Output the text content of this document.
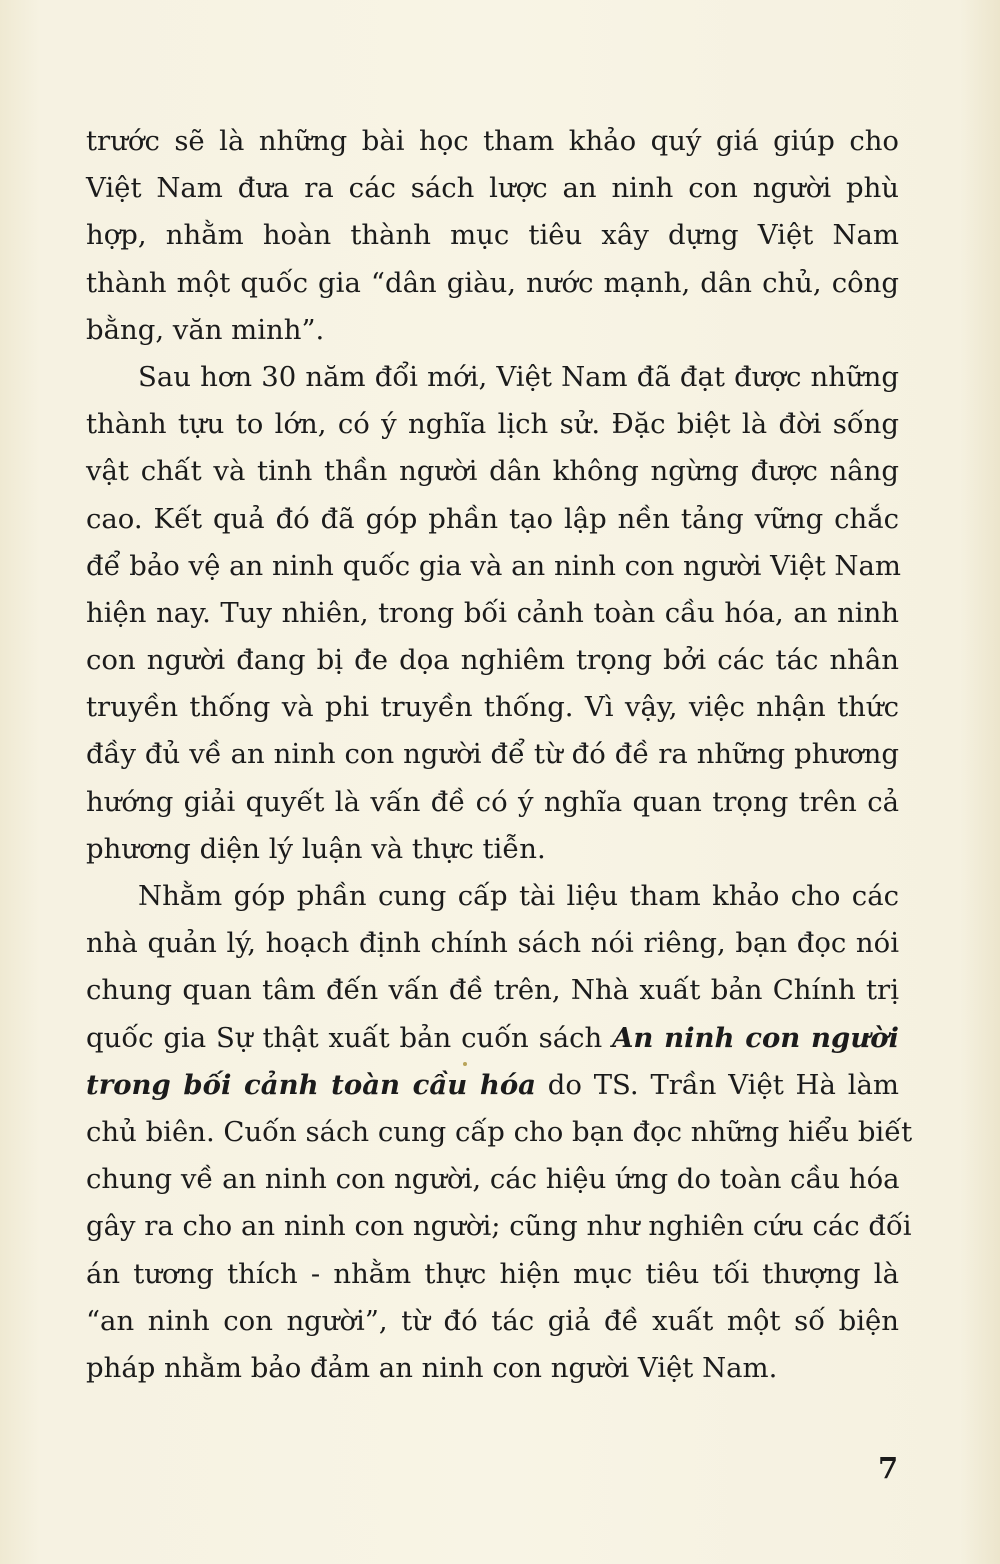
trước sẽ là những bài học tham khảo quý giá giúp cho
Việt Nam đưa ra các sách lược an ninh con người phù
hợp, nhằm hoàn thành mục tiêu xây dựng Việt Nam
thành một quốc gia “dân giàu, nước mạnh, dân chủ, công
bằng, văn minh”.
Sau hơn 30 năm đổi mới, Việt Nam đã đạt được những
thành tựu to lớn, có ý nghĩa lịch sử. Đặc biệt là đời sống
vật chất và tinh thần người dân không ngừng được nâng
cao. Kết quả đó đã góp phần tạo lập nền tảng vững chắc
để bảo vệ an ninh quốc gia và an ninh con người Việt Nam
hiện nay. Tuy nhiên, trong bối cảnh toàn cầu hóa, an ninh
con người đang bị đe dọa nghiêm trọng bởi các tác nhân
truyền thống và phi truyền thống. Vì vậy, việc nhận thức
đầy đủ về an ninh con người để từ đó đề ra những phương
hướng giải quyết là vấn đề có ý nghĩa quan trọng trên cả
phương diện lý luận và thực tiễn.
Nhằm góp phần cung cấp tài liệu tham khảo cho các
nhà quản lý, hoạch định chính sách nói riêng, bạn đọc nói
chung quan tâm đến vấn đề trên, Nhà xuất bản Chính trị
quốc gia Sự thật xuất bản cuốn sách An ninh con người
trong bối cảnh toàn cầu hóa do TS. Trần Việt Hà làm
chủ biên. Cuốn sách cung cấp cho bạn đọc những hiểu biết
chung về an ninh con người, các hiệu ứng do toàn cầu hóa
gây ra cho an ninh con người; cũng như nghiên cứu các đối
án tương thích - nhằm thực hiện mục tiêu tối thượng là
“an ninh con người”, từ đó tác giả đề xuất một số biện
pháp nhằm bảo đảm an ninh con người Việt Nam.
7
